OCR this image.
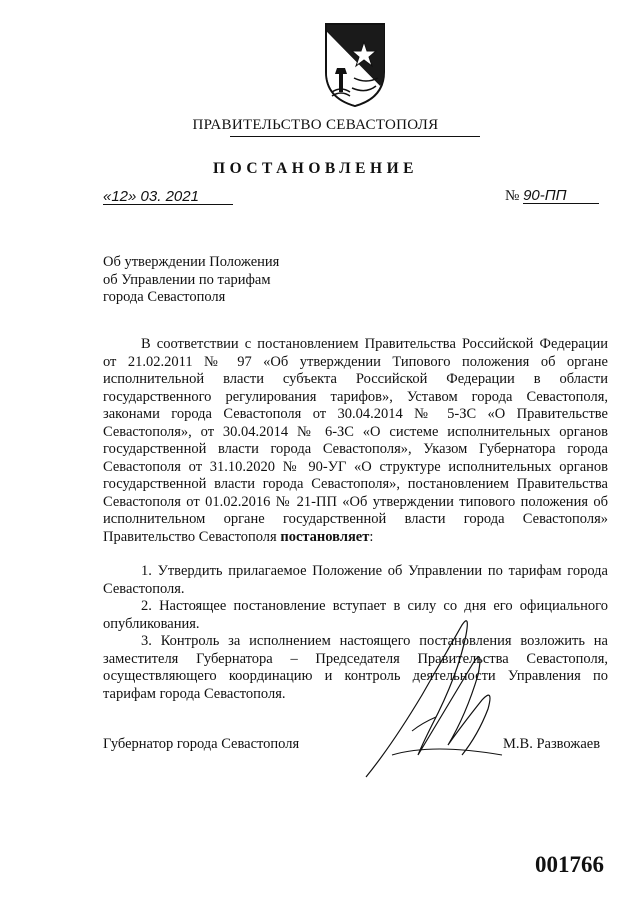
ПРАВИТЕЛЬСТВО СЕВАСТОПОЛЯ
ПОСТАНОВЛЕНИЕ
«12» 03. 2021	№ 90-ПП
Об утверждении Положения
об Управлении по тарифам
города Севастополя

В соответствии с постановлением Правительства Российской Федерации от 21.02.2011 № 97 «Об утверждении Типового положения об органе исполнительной власти субъекта Российской Федерации в области государственного регулирования тарифов», Уставом города Севастополя, законами города Севастополя от 30.04.2014 № 5-ЗС «О Правительстве Севастополя», от 30.04.2014 № 6-ЗС «О системе исполнительных органов государственной власти города Севастополя», Указом Губернатора города Севастополя от 31.10.2020 № 90-УГ «О структуре исполнительных органов государственной власти города Севастополя», постановлением Правительства Севастополя от 01.02.2016 № 21-ПП «Об утверждении типового положения об исполнительном органе государственной власти города Севастополя» Правительство Севастополя постановляет:

1. Утвердить прилагаемое Положение об Управлении по тарифам города Севастополя.

2. Настоящее постановление вступает в силу со дня его официального опубликования.

3. Контроль за исполнением настоящего постановления возложить на заместителя Губернатора – Председателя Правительства Севастополя, осуществляющего координацию и контроль деятельности Управления по тарифам города Севастополя.

Губернатор города Севастополя	М.В. Развожаев
001766
